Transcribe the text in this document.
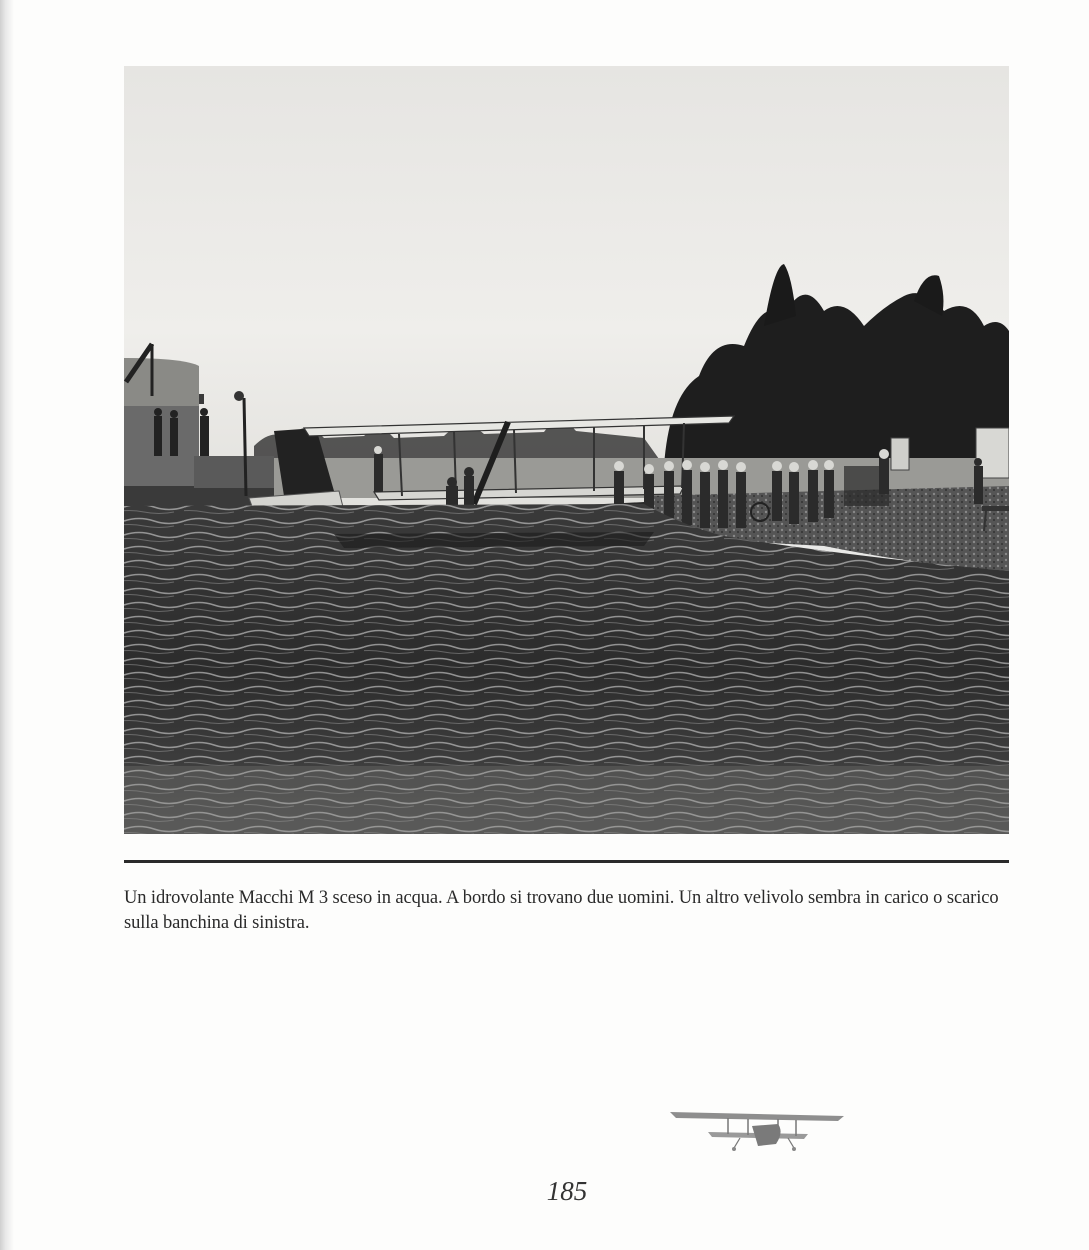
Un idrovolante Macchi M 3 sceso in acqua. A bordo si trovano due uomini. Un altro velivolo sembra in carico o scarico sulla banchina di sinistra.

185
